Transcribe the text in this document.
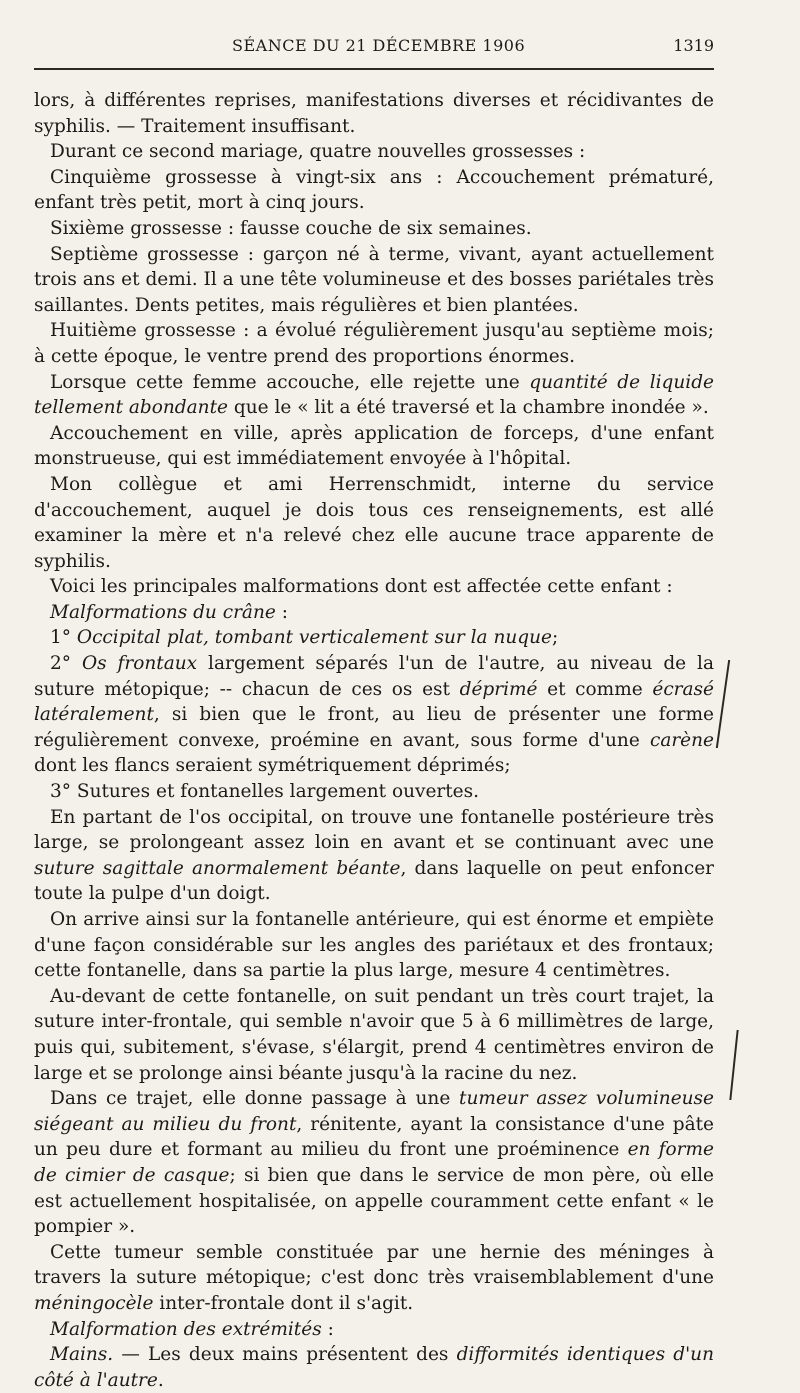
SÉANCE DU 21 DÉCEMBRE 1906	1319

lors, à différentes reprises, manifestations diverses et récidivantes de syphilis. — Traitement insuffisant.

Durant ce second mariage, quatre nouvelles grossesses :

Cinquième grossesse à vingt-six ans : Accouchement prématuré, enfant très petit, mort à cinq jours.

Sixième grossesse : fausse couche de six semaines.

Septième grossesse : garçon né à terme, vivant, ayant actuellement trois ans et demi. Il a une tête volumineuse et des bosses pariétales très saillantes. Dents petites, mais régulières et bien plantées.

Huitième grossesse : a évolué régulièrement jusqu'au septième mois; à cette époque, le ventre prend des proportions énormes.

Lorsque cette femme accouche, elle rejette une quantité de liquide tellement abondante que le « lit a été traversé et la chambre inondée ».

Accouchement en ville, après application de forceps, d'une enfant monstrueuse, qui est immédiatement envoyée à l'hôpital.

Mon collègue et ami Herrenschmidt, interne du service d'accouchement, auquel je dois tous ces renseignements, est allé examiner la mère et n'a relevé chez elle aucune trace apparente de syphilis.

Voici les principales malformations dont est affectée cette enfant :

Malformations du crâne :

1° Occipital plat, tombant verticalement sur la nuque;

2° Os frontaux largement séparés l'un de l'autre, au niveau de la suture métopique; -- chacun de ces os est déprimé et comme écrasé latéralement, si bien que le front, au lieu de présenter une forme régulièrement convexe, proémine en avant, sous forme d'une carène dont les flancs seraient symétriquement déprimés;

3° Sutures et fontanelles largement ouvertes.

En partant de l'os occipital, on trouve une fontanelle postérieure très large, se prolongeant assez loin en avant et se continuant avec une suture sagittale anormalement béante, dans laquelle on peut enfoncer toute la pulpe d'un doigt.

On arrive ainsi sur la fontanelle antérieure, qui est énorme et empiète d'une façon considérable sur les angles des pariétaux et des frontaux; cette fontanelle, dans sa partie la plus large, mesure 4 centimètres.

Au-devant de cette fontanelle, on suit pendant un très court trajet, la suture inter-frontale, qui semble n'avoir que 5 à 6 millimètres de large, puis qui, subitement, s'évase, s'élargit, prend 4 centimètres environ de large et se prolonge ainsi béante jusqu'à la racine du nez.

Dans ce trajet, elle donne passage à une tumeur assez volumineuse siégeant au milieu du front, rénitente, ayant la consistance d'une pâte un peu dure et formant au milieu du front une proéminence en forme de cimier de casque; si bien que dans le service de mon père, où elle est actuellement hospitalisée, on appelle couramment cette enfant « le pompier ».

Cette tumeur semble constituée par une hernie des méninges à travers la suture métopique; c'est donc très vraisemblablement d'une méningocèle inter-frontale dont il s'agit.

Malformation des extrémités :

Mains. — Les deux mains présentent des difformités identiques d'un côté à l'autre.
